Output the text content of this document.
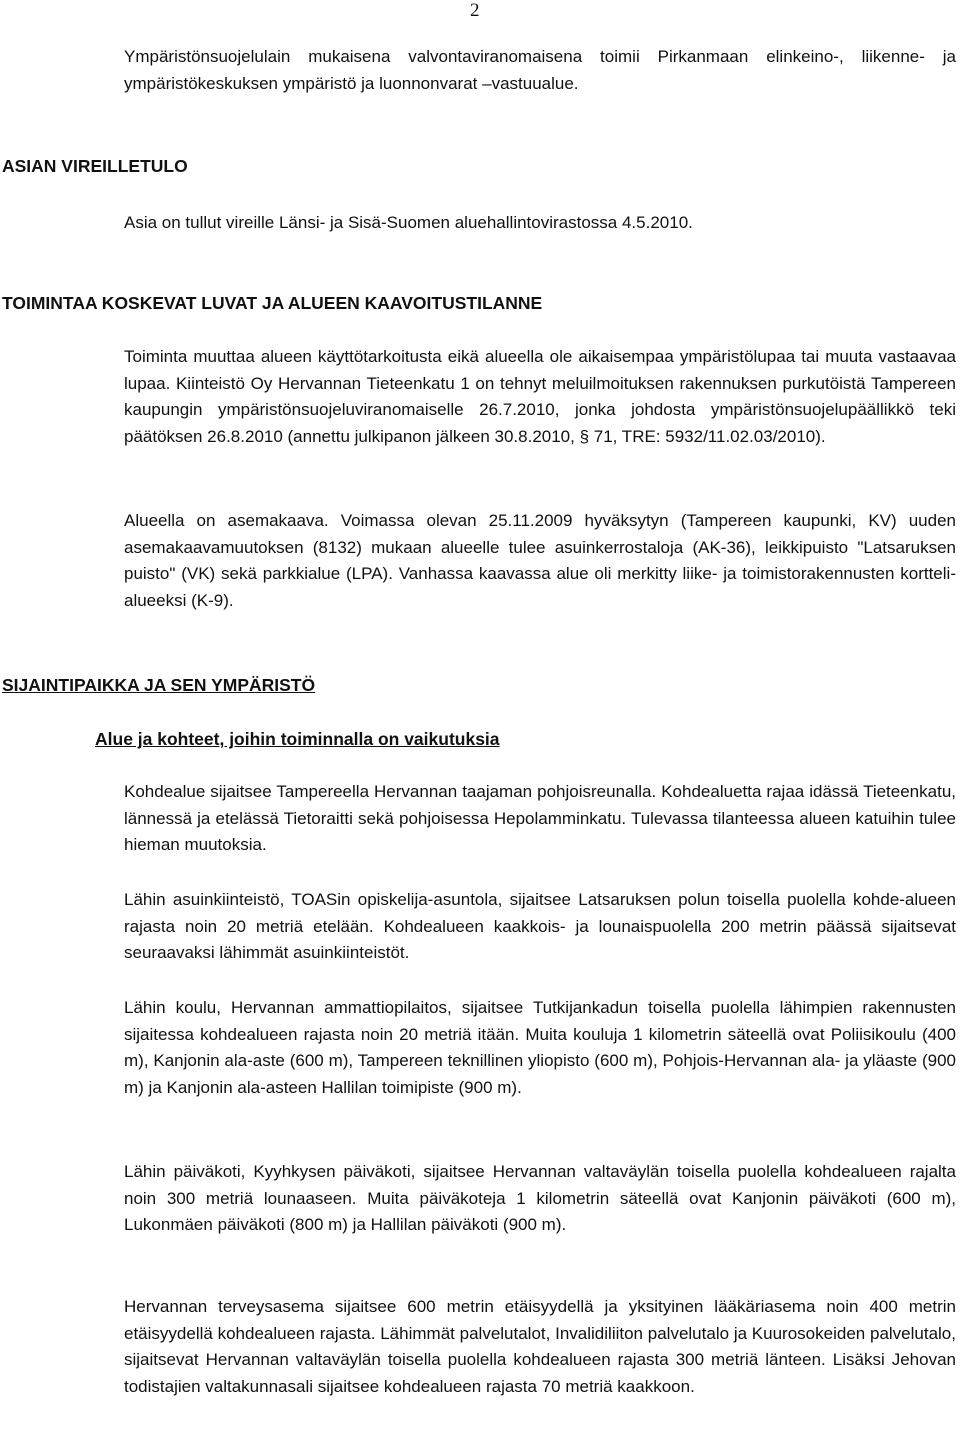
2

Ympäristönsuojelulain mukaisena valvontaviranomaisena toimii Pirkanmaan elinkeino-, liikenne- ja ympäristökeskuksen ympäristö ja luonnonvarat –vastuualue.

ASIAN VIREILLETULO

Asia on tullut vireille Länsi- ja Sisä-Suomen aluehallintovirastossa 4.5.2010.

TOIMINTAA KOSKEVAT LUVAT JA ALUEEN KAAVOITUSTILANNE

Toiminta muuttaa alueen käyttötarkoitusta eikä alueella ole aikaisempaa ympäristölupaa tai muuta vastaavaa lupaa. Kiinteistö Oy Hervannan Tieteenkatu 1 on tehnyt meluilmoituksen rakennuksen purkutöistä Tampereen kaupungin ympäristönsuojeluviranomaiselle 26.7.2010, jonka johdosta ympäristönsuojelupäällikkö teki päätöksen 26.8.2010 (annettu julkipanon jälkeen 30.8.2010, § 71, TRE: 5932/11.02.03/2010).

Alueella on asemakaava. Voimassa olevan 25.11.2009 hyväksytyn (Tampereen kaupunki, KV) uuden asemakaavamuutoksen (8132) mukaan alueelle tulee asuinkerrostaloja (AK-36), leikkipuisto "Latsaruksen puisto" (VK) sekä parkkialue (LPA). Vanhassa kaavassa alue oli merkitty liike- ja toimistorakennusten korttelialueeksi (K-9).

SIJAINTIPAIKKA JA SEN YMPÄRISTÖ
Alue ja kohteet, joihin toiminnalla on vaikutuksia

Kohdealue sijaitsee Tampereella Hervannan taajaman pohjoisreunalla. Kohdealuetta rajaa idässä Tieteenkatu, lännessä ja etelässä Tietoraitti sekä pohjoisessa Hepolamminkatu. Tulevassa tilanteessa alueen katuihin tulee hieman muutoksia.

Lähin asuinkiinteistö, TOASin opiskelija-asuntola, sijaitsee Latsaruksen polun toisella puolella kohde-alueen rajasta noin 20 metriä etelään. Kohdealueen kaakkois- ja lounaispuolella 200 metrin päässä sijaitsevat seuraavaksi lähimmät asuinkiinteistöt.

Lähin koulu, Hervannan ammattiopilaitos, sijaitsee Tutkijankadun toisella puolella lähimpien rakennusten sijaitessa kohdealueen rajasta noin 20 metriä itään. Muita kouluja 1 kilometrin säteellä ovat Poliisikoulu (400 m), Kanjonin ala-aste (600 m), Tampereen teknillinen yliopisto (600 m), Pohjois-Hervannan ala- ja yläaste (900 m) ja Kanjonin ala-asteen Hallilan toimipiste (900 m).

Lähin päiväkoti, Kyyhkysen päiväkoti, sijaitsee Hervannan valtaväylän toisella puolella kohdealueen rajalta noin 300 metriä lounaaseen. Muita päiväkoteja 1 kilometrin säteellä ovat Kanjonin päiväkoti (600 m), Lukonmäen päiväkoti (800 m) ja Hallilan päiväkoti (900 m).

Hervannan terveysasema sijaitsee 600 metrin etäisyydellä ja yksityinen lääkäriasema noin 400 metrin etäisyydellä kohdealueen rajasta. Lähimmät palvelutalot, Invalidiliiton palvelutalo ja Kuurosokeiden palvelutalo, sijaitsevat Hervannan valtaväylän toisella puolella kohdealueen rajasta 300 metriä länteen. Lisäksi Jehovan todistajien valtakunnasali sijaitsee kohdealueen rajasta 70 metriä kaakkoon.
